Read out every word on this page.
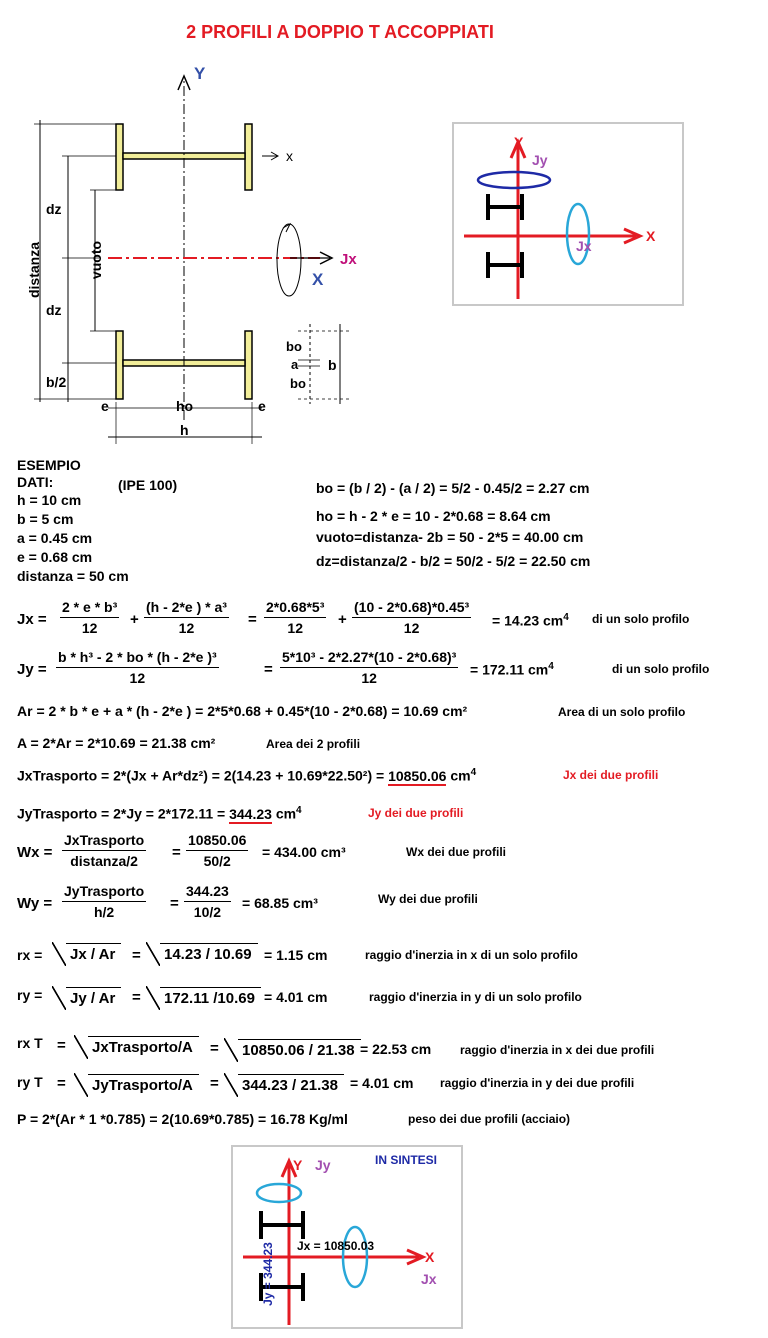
2 PROFILI A DOPPIO T ACCOPPIATI
Y
x
X
Jx
dz
dz
distanza	vuoto
b/2
e	ho	e
h
bo
a
bo
b
Y
Jy
X
Jx
ESEMPIO
DATI:	(IPE 100)
h = 10 cm
b = 5 cm
a = 0.45 cm
e = 0.68 cm
distanza = 50 cm
bo = (b / 2) - (a / 2) = 5/2 - 0.45/2 = 2.27 cm
ho = h - 2 * e = 10 - 2*0.68 = 8.64 cm
vuoto=distanza- 2b = 50 - 2*5 = 40.00 cm
dz=distanza/2 - b/2 = 50/2 - 5/2 = 22.50 cm
$Jx = \frac{\text{2 * e * b³}}{12} + \frac{\text{(h - 2*e ) * a³}}{12} = \frac{\text{2*0.68*5³}}{12} + \frac{\text{(10 - 2*0.68)*0.45³}}{12} = 14.23$ $cm^4$ di un solo profilo
$Jy = \frac{\text{b * h³ - 2 * bo * (h - 2*e )³}}{12}$	= $\frac{\text{5*10³ - 2*2.27*(10 - 2*0.68)³}}{12} = 172.11$ $cm^4$	di un solo profilo
Ar = 2 * b * e + a * (h - 2*e ) = 2*5*0.68 + 0.45*(10 - 2*0.68) = 10.69 cm²	Area di un solo profilo
A = 2*Ar = 2*10.69 = 21.38 cm²	Area dei 2 profili
JxTrasporto = 2*(Jx + Ar*dz²) = 2(14.23 + 10.69*22.50²) = 10850.06 $cm^4$	Jx dei due profili
JyTrasporto = 2*Jy = 2*172.11 = 344.23 $cm^4$	Jy dei due profili
Wx =
JxTrasporto
distanza/2	= $\frac{10850.06}{50/2} = 434.00$ cm³	Wx dei due profili
Wy =
JyTrasporto
h/2	= $\frac{344.23}{10/2} = 68.85$ cm³	Wy dei due profili
rx = Jx / Ar	= 14.23 / 10.69 = 1.15 cm	raggio d'inerzia in x di un solo profilo
ry = Jy / Ar	= 172.11 /10.69 = 4.01 cm	raggio d'inerzia in y di un solo profilo
rx T = JxTrasporto/A	= 10850.06 / 21.38 = 22.53 cm raggio d'inerzia in x dei due profili
ry T = JyTrasporto/A	= 344.23 / 21.38 = 4.01 cm raggio d'inerzia in y dei due profili
P = 2*(Ar * 1 *0.785) = 2(10.69*0.785) = 16.78 Kg/ml	peso dei due profili (acciaio)
IN SINTESI
Y Jy
Jx = 10850.03
X
Jx
Jy = 344.23
